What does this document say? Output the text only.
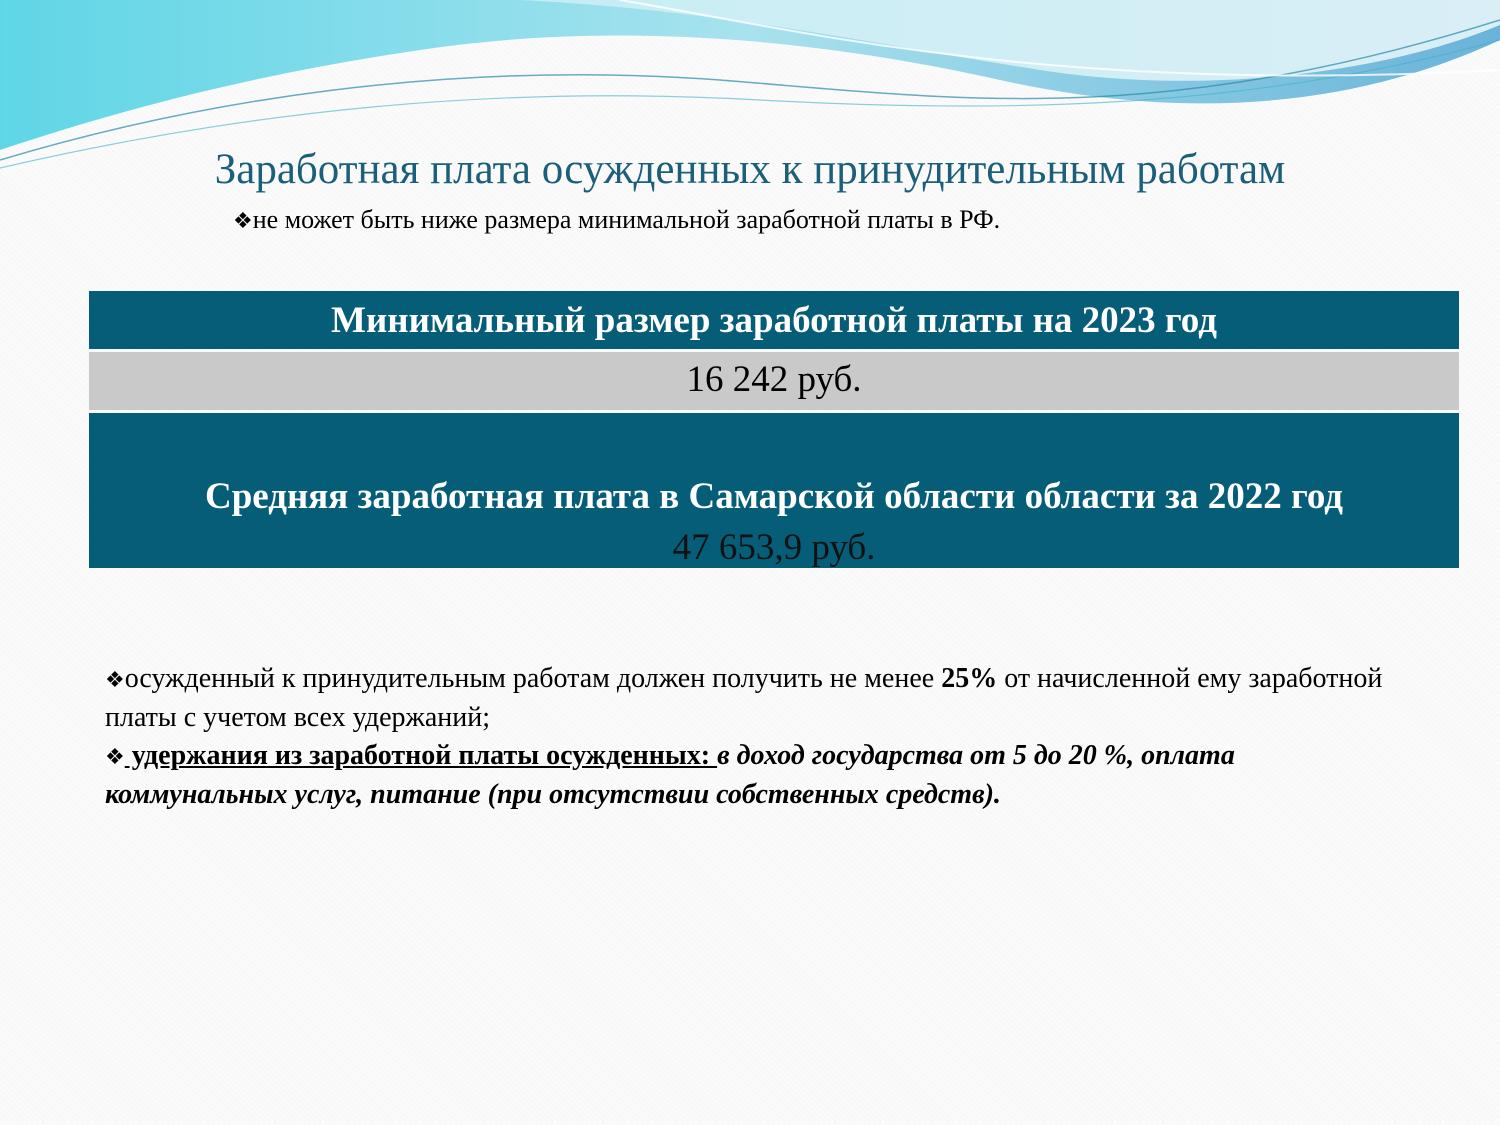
Заработная плата осужденных к принудительным работам
❖не может быть ниже размера минимальной заработной платы в РФ.
Минимальный размер заработной платы на 2023 год
16 242 руб.
Средняя заработная плата в Самарской области области за 2022 год
47 653,9 руб.
❖осужденный к принудительным работам должен получить не менее 25% от начисленной ему заработной платы с учетом всех удержаний;
❖ удержания из заработной платы осужденных: в доход государства от 5 до 20 %, оплата коммунальных услуг, питание (при отсутствии собственных средств).
